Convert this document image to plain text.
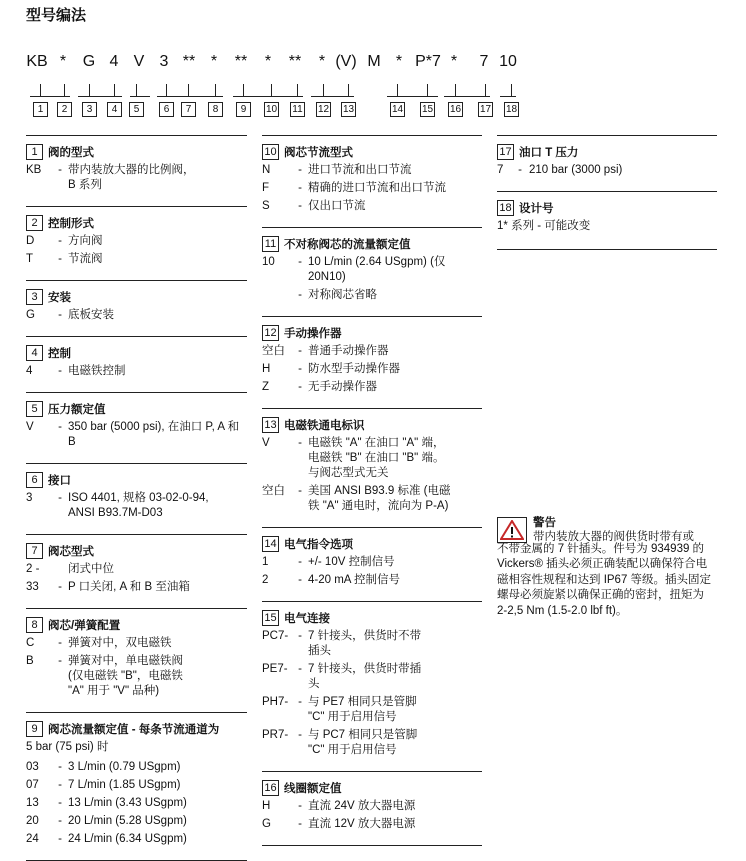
型号编法
KB * G 4 V 3 ** * ** * ** * (V) M * P*7 * 7 10
1	2	3	4	5	6	7	8	9	10 11 12 13	14 15 16 17 18
1 阀的型式
KB	- 带内装放大器的比例阀，
B 系列
2 控制形式
D	- 方向阀
T	- 节流阀
3 安装
G	- 底板安装
4 控制
4	- 电磁铁控制
5 压力额定值
V	- 350 bar (5000 psi), 在油口 P, A 和 B
6 接口
3	- ISO 4401, 规格 03-02-0-94,
ANSI B93.7M-D03
7 阀芯型式
2 -	闭式中位
33	- P 口关闭, A 和 B 至油箱
8 阀芯/弹簧配置
C	- 弹簧对中，双电磁铁
B	- 弹簧对中，单电磁铁阀
(仅电磁铁 "B"，电磁铁
"A" 用于 "V" 品种)
9 阀芯流量额定值 - 每条节流通道为
5 bar (75 psi) 时
03	- 3 L/min (0.79 USgpm)
07	- 7 L/min (1.85 USgpm)
13	- 13 L/min (3.43 USgpm)
20	- 20 L/min (5.28 USgpm)
24	- 24 L/min (6.34 USgpm)
10 阀芯节流型式
N	- 进口节流和出口节流
F	- 精确的进口节流和出口节流
S	- 仅出口节流
11 不对称阀芯的流量额定值
10	- 10 L/min (2.64 USgpm) (仅 20N10)
- 对称阀芯省略
12 手动操作器
空白	- 普通手动操作器
H	- 防水型手动操作器
Z	- 无手动操作器
13 电磁铁通电标识
V	- 电磁铁 "A" 在油口 "A" 端，
电磁铁 "B" 在油口 "B" 端。
与阀芯型式无关
空白	- 美国 ANSI B93.9 标准 (电磁
铁 "A" 通电时，流向为 P-A)
14 电气指令选项
1	- +/- 10V 控制信号
2	- 4-20 mA 控制信号
15 电气连接
PC7- - 7 针接头，供货时不带
插头
PE7- - 7 针接头，供货时带插
头
PH7- - 与 PE7 相同只是管脚
"C" 用于启用信号
PR7- - 与 PC7 相同只是管脚
"C" 用于启用信号
16 线圈额定值
H	- 直流 24V 放大器电源
G	- 直流 12V 放大器电源
17 油口 T 压力
7	- 210 bar (3000 psi)
18 设计号
1* 系列 - 可能改变
警告
带内装放大器的阀供货时带有或
不带金属的 7 针插头。件号为 934939 的 Vickers® 插头必须正确装配以确保符合电磁相容性规程和达到 IP67 等级。插头固定螺母必须旋紧以确保正确的密封，扭矩为 2-2,5 Nm (1.5-2.0 lbf ft)。
